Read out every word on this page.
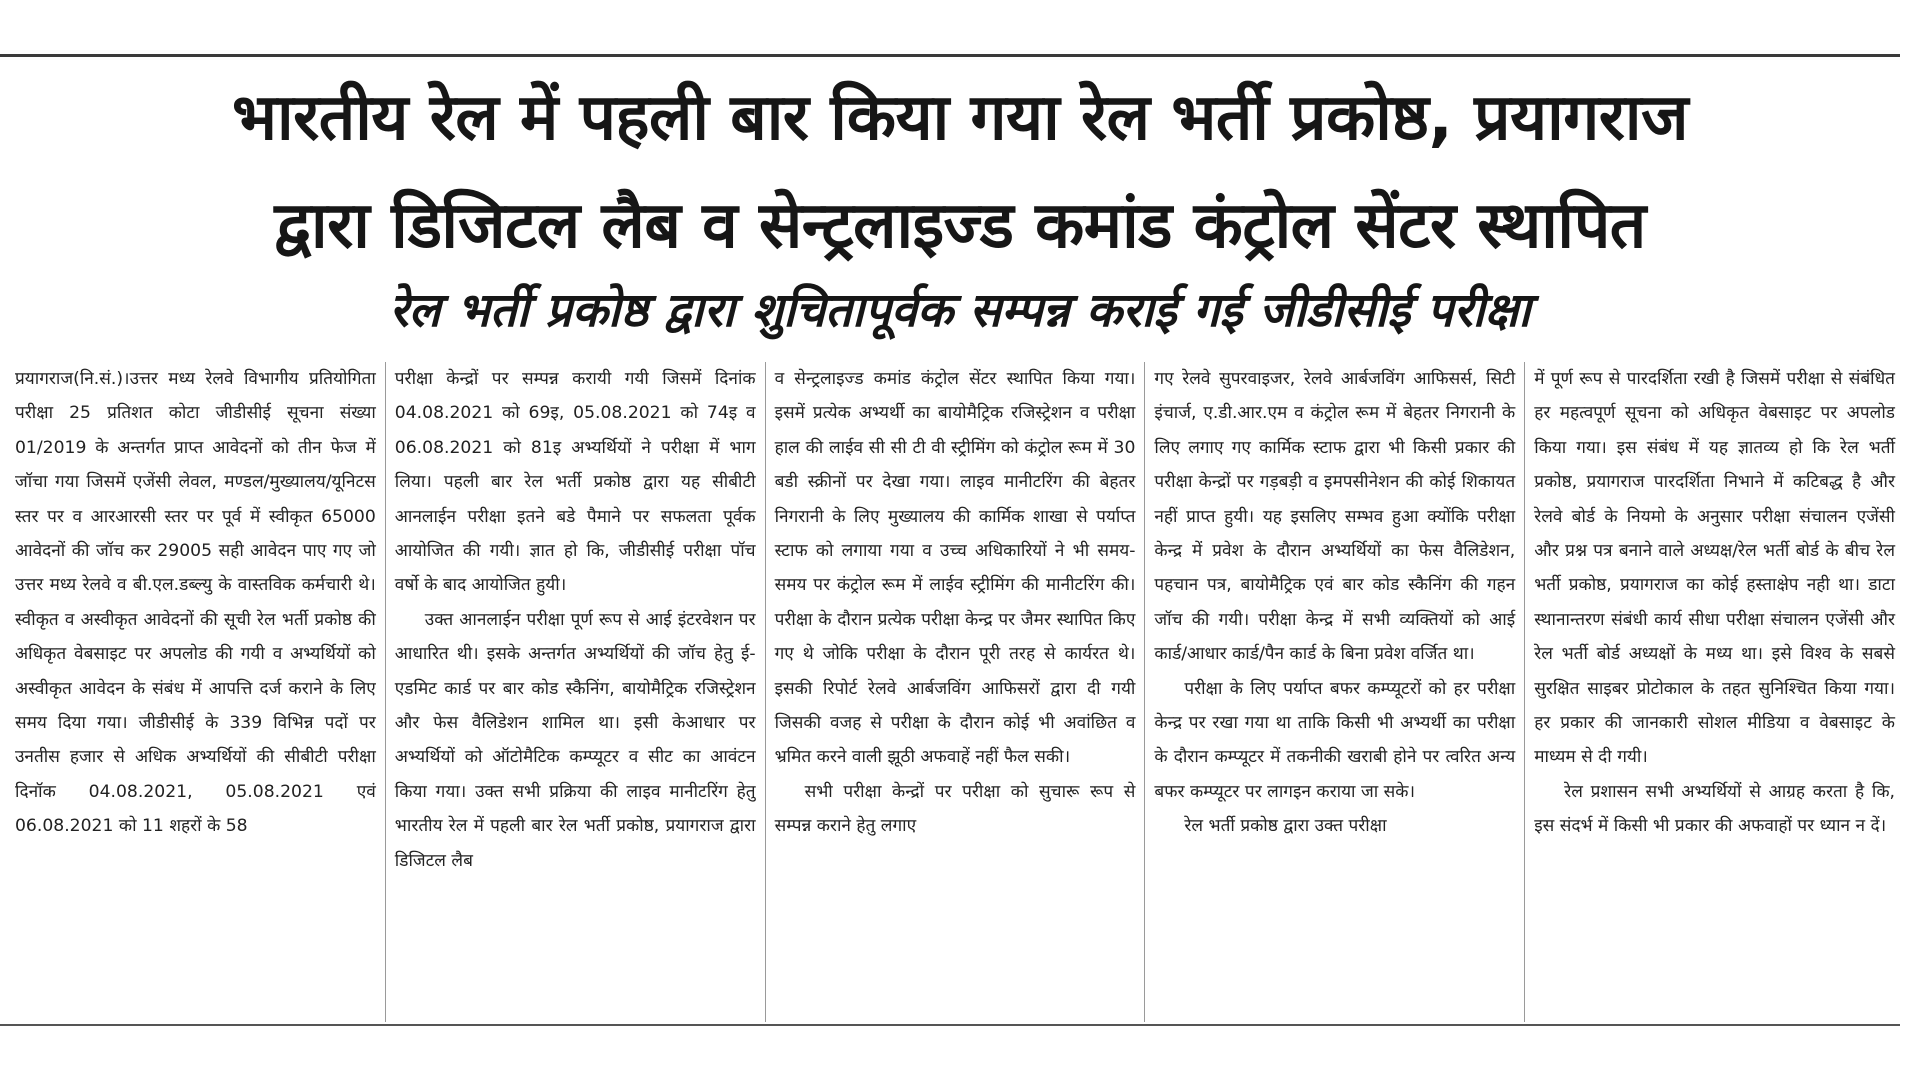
भारतीय रेल में पहली बार किया गया रेल भर्ती प्रकोष्ठ, प्रयागराज
द्वारा डिजिटल लैब व सेन्ट्रलाइज्ड कमांड कंट्रोल सेंटर स्थापित
रेल भर्ती प्रकोष्ठ द्वारा शुचितापूर्वक सम्पन्न कराई गई जीडीसीई परीक्षा

प्रयागराज(नि.सं.)।उत्तर मध्य रेलवे विभागीय प्रतियोगिता परीक्षा 25 प्रतिशत कोटा जीडीसीई सूचना संख्या 01/2019 के अन्तर्गत प्राप्त आवेदनों को तीन फेज में जॉचा गया जिसमें एजेंसी लेवल, मण्डल/मुख्यालय/यूनिटस स्तर पर व आरआरसी स्तर पर पूर्व में स्वीकृत 65000 आवेदनों की जॉच कर 29005 सही आवेदन पाए गए जो उत्तर मध्य रेलवे व बी.एल.डब्ल्यु के वास्तविक कर्मचारी थे। स्वीकृत व अस्वीकृत आवेदनों की सूची रेल भर्ती प्रकोष्ठ की अधिकृत वेबसाइट पर अपलोड की गयी व अभ्यर्थियों को अस्वीकृत आवेदन के संबंध में आपत्ति दर्ज कराने के लिए समय दिया गया। जीडीसीई के 339 विभिन्न पदों पर उनतीस हजार से अधिक अभ्यर्थियों की सीबीटी परीक्षा दिनॉक 04.08.2021, 05.08.2021 एवं 06.08.2021 को 11 शहरों के 58

परीक्षा केन्द्रों पर सम्पन्न करायी गयी जिसमें दिनांक 04.08.2021 को 69इ, 05.08.2021 को 74इ व 06.08.2021 को 81इ अभ्यर्थियों ने परीक्षा में भाग लिया। पहली बार रेल भर्ती प्रकोष्ठ द्वारा यह सीबीटी आनलाईन परीक्षा इतने बडे पैमाने पर सफलता पूर्वक आयोजित की गयी। ज्ञात हो कि, जीडीसीई परीक्षा पॉच वर्षो के बाद आयोजित हुयी।

उक्त आनलाईन परीक्षा पूर्ण रूप से आई इंटरवेशन पर आधारित थी। इसके अन्तर्गत अभ्यर्थियों की जॉच हेतु ई-एडमिट कार्ड पर बार कोड स्कैनिंग, बायोमैट्रिक रजिस्ट्रेशन और फेस वैलिडेशन शामिल था। इसी केआधार पर अभ्यर्थियों को ऑटोमैटिक कम्प्यूटर व सीट का आवंटन किया गया। उक्त सभी प्रक्रिया की लाइव मानीटरिंग हेतु भारतीय रेल में पहली बार रेल भर्ती प्रकोष्ठ, प्रयागराज द्वारा डिजिटल लैब

व सेन्ट्रलाइज्ड कमांड कंट्रोल सेंटर स्थापित किया गया। इसमें प्रत्येक अभ्यर्थी का बायोमैट्रिक रजिस्ट्रेशन व परीक्षा हाल की लाईव सी सी टी वी स्ट्रीमिंग को कंट्रोल रूम में 30 बडी स्क्रीनों पर देखा गया। लाइव मानीटरिंग की बेहतर निगरानी के लिए मुख्यालय की कार्मिक शाखा से पर्याप्त स्टाफ को लगाया गया व उच्च अधिकारियों ने भी समय-समय पर कंट्रोल रूम में लाईव स्ट्रीमिंग की मानीटरिंग की। परीक्षा के दौरान प्रत्येक परीक्षा केन्द्र पर जैमर स्थापित किए गए थे जोकि परीक्षा के दौरान पूरी तरह से कार्यरत थे। इसकी रिपोर्ट रेलवे आर्बजविंग आफिसरों द्वारा दी गयी जिसकी वजह से परीक्षा के दौरान कोई भी अवांछित व भ्रमित करने वाली झूठी अफवाहें नहीं फैल सकी।

सभी परीक्षा केन्द्रों पर परीक्षा को सुचारू रूप से सम्पन्न कराने हेतु लगाए

गए रेलवे सुपरवाइजर, रेलवे आर्बजविंग आफिसर्स, सिटी इंचार्ज, ए.डी.आर.एम व कंट्रोल रूम में बेहतर निगरानी के लिए लगाए गए कार्मिक स्टाफ द्वारा भी किसी प्रकार की परीक्षा केन्द्रों पर गड़बड़ी व इमपसीनेशन की कोई शिकायत नहीं प्राप्त हुयी। यह इसलिए सम्भव हुआ क्योंकि परीक्षा केन्द्र में प्रवेश के दौरान अभ्यर्थियों का फेस वैलिडेशन, पहचान पत्र, बायोमैट्रिक एवं बार कोड स्कैनिंग की गहन जॉच की गयी। परीक्षा केन्द्र में सभी व्यक्तियों को आई कार्ड/आधार कार्ड/पैन कार्ड के बिना प्रवेश वर्जित था।

परीक्षा के लिए पर्याप्त बफर कम्प्यूटरों को हर परीक्षा केन्द्र पर रखा गया था ताकि किसी भी अभ्यर्थी का परीक्षा के दौरान कम्प्यूटर में तकनीकी खराबी होने पर त्वरित अन्य बफर कम्प्यूटर पर लागइन कराया जा सके।

रेल भर्ती प्रकोष्ठ द्वारा उक्त परीक्षा

में पूर्ण रूप से पारदर्शिता रखी है जिसमें परीक्षा से संबंधित हर महत्वपूर्ण सूचना को अधिकृत वेबसाइट पर अपलोड किया गया। इस संबंध में यह ज्ञातव्य हो कि रेल भर्ती प्रकोष्ठ, प्रयागराज पारदर्शिता निभाने में कटिबद्ध है और रेलवे बोर्ड के नियमो के अनुसार परीक्षा संचालन एजेंसी और प्रश्न पत्र बनाने वाले अध्यक्ष/रेल भर्ती बोर्ड के बीच रेल भर्ती प्रकोष्ठ, प्रयागराज का कोई हस्ताक्षेप नही था। डाटा स्थानान्तरण संबंधी कार्य सीधा परीक्षा संचालन एजेंसी और रेल भर्ती बोर्ड अध्यक्षों के मध्य था। इसे विश्व के सबसे सुरक्षित साइबर प्रोटोकाल के तहत सुनिश्चित किया गया। हर प्रकार की जानकारी सोशल मीडिया व वेबसाइट के माध्यम से दी गयी।

रेल प्रशासन सभी अभ्यर्थियों से आग्रह करता है कि, इस संदर्भ में किसी भी प्रकार की अफवाहों पर ध्यान न दें।
